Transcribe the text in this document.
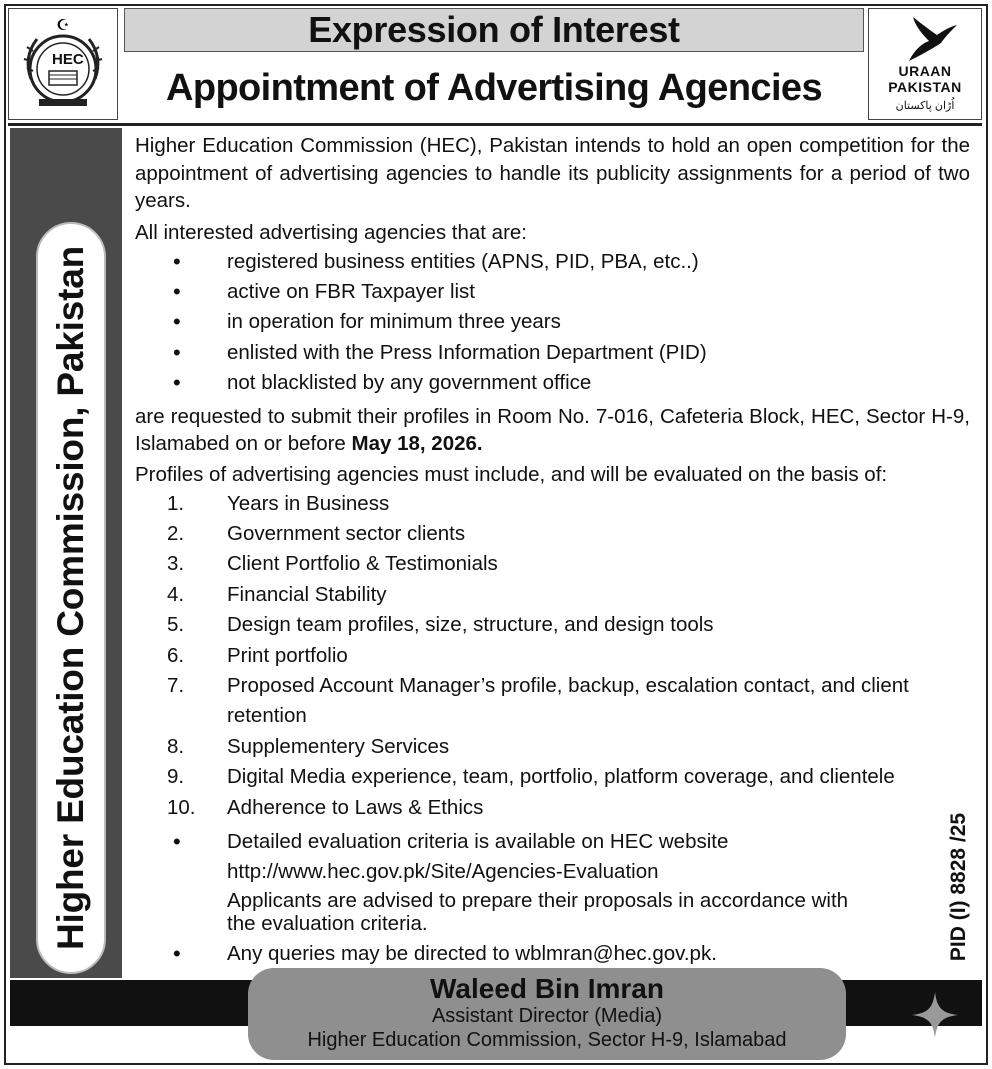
☪
HEC
Expression of Interest
Appointment of Advertising Agencies	URAAN
PAKISTAN
اُڑان پاکستان
Higher Education Commission, Pakistan

Higher Education Commission (HEC), Pakistan intends to hold an open competition for the appointment of advertising agencies to handle its publicity assignments for a period of two years.

All interested advertising agencies that are:

• registered business entities (APNS, PID, PBA, etc..)
• active on FBR Taxpayer list
• in operation for minimum three years
• enlisted with the Press Information Department (PID)
• not blacklisted by any government office

are requested to submit their profiles in Room No. 7-016, Cafeteria Block, HEC, Sector H-9, Islamabed on or before May 18, 2026.

Profiles of advertising agencies must include, and will be evaluated on the basis of:

1. Years in Business
2. Government sector clients
3. Client Portfolio & Testimonials
4. Financial Stability
5. Design team profiles, size, structure, and design tools
6. Print portfolio
7. Proposed Account Manager’s profile, backup, escalation contact, and client retention
8. Supplementery Services
9. Digital Media experience, team, portfolio, platform coverage, and clientele
10. Adherence to Laws & Ethics
• Detailed evaluation criteria is available on HEC website
http://www.hec.gov.pk/Site/Agencies-Evaluation
Applicants are advised to prepare their proposals in accordance with the evaluation criteria.
• Any queries may be directed to wblmran@hec.gov.pk.	PID (I) 8828 /25
Waleed Bin Imran
Assistant Director (Media)
Higher Education Commission, Sector H-9, Islamabad
